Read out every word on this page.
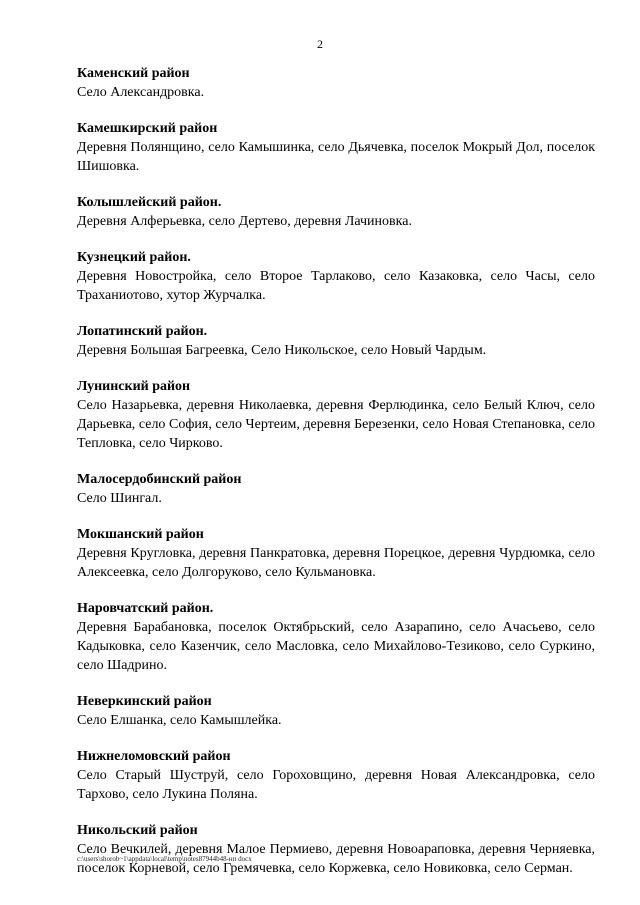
2
Каменский район
Село Александровка.
Камешкирский район
Деревня Полянщино, село Камышинка, село Дьячевка, поселок Мокрый Дол, поселок Шишовка.
Колышлейский район.
Деревня Алферьевка, село Дертево, деревня Лачиновка.
Кузнецкий район.
Деревня Новостройка, село Второе Тарлаково, село Казаковка, село Часы, село Траханиотово, хутор Журчалка.
Лопатинский район.
Деревня Большая Багреевка, Село Никольское, село Новый Чардым.
Лунинский район
Село Назарьевка, деревня Николаевка, деревня Ферлюдинка, село Белый Ключ, село Дарьевка, село София, село Чертеим, деревня Березенки, село Новая Степановка, село Тепловка, село Чирково.
Малосердобинский район
Село Шингал.
Мокшанский район
Деревня Кругловка, деревня Панкратовка, деревня Порецкое, деревня Чурдюмка, село Алексеевка, село Долгоруково, село Кульмановка.
Наровчатский район.
Деревня Барабановка, поселок Октябрьский, село Азарапино, село Ачасьево, село Кадыковка, село Казенчик, село Масловка, село Михайлово-Тезиково, село Суркино, село Шадрино.
Неверкинский район
Село Елшанка, село Камышлейка.
Нижнеломовский район
Село Старый Шуструй, село Гороховщино, деревня Новая Александровка, село Тархово, село Лукина Поляна.
Никольский район
Село Вечкилей, деревня Малое Пермиево, деревня Новоараповка, деревня Черняевка, поселок Корневой, село Гремячевка, село Коржевка, село Новиковка, село Серман.
c:\users\shorob~1\appdata\local\temp\notes87944b48-нп docx
